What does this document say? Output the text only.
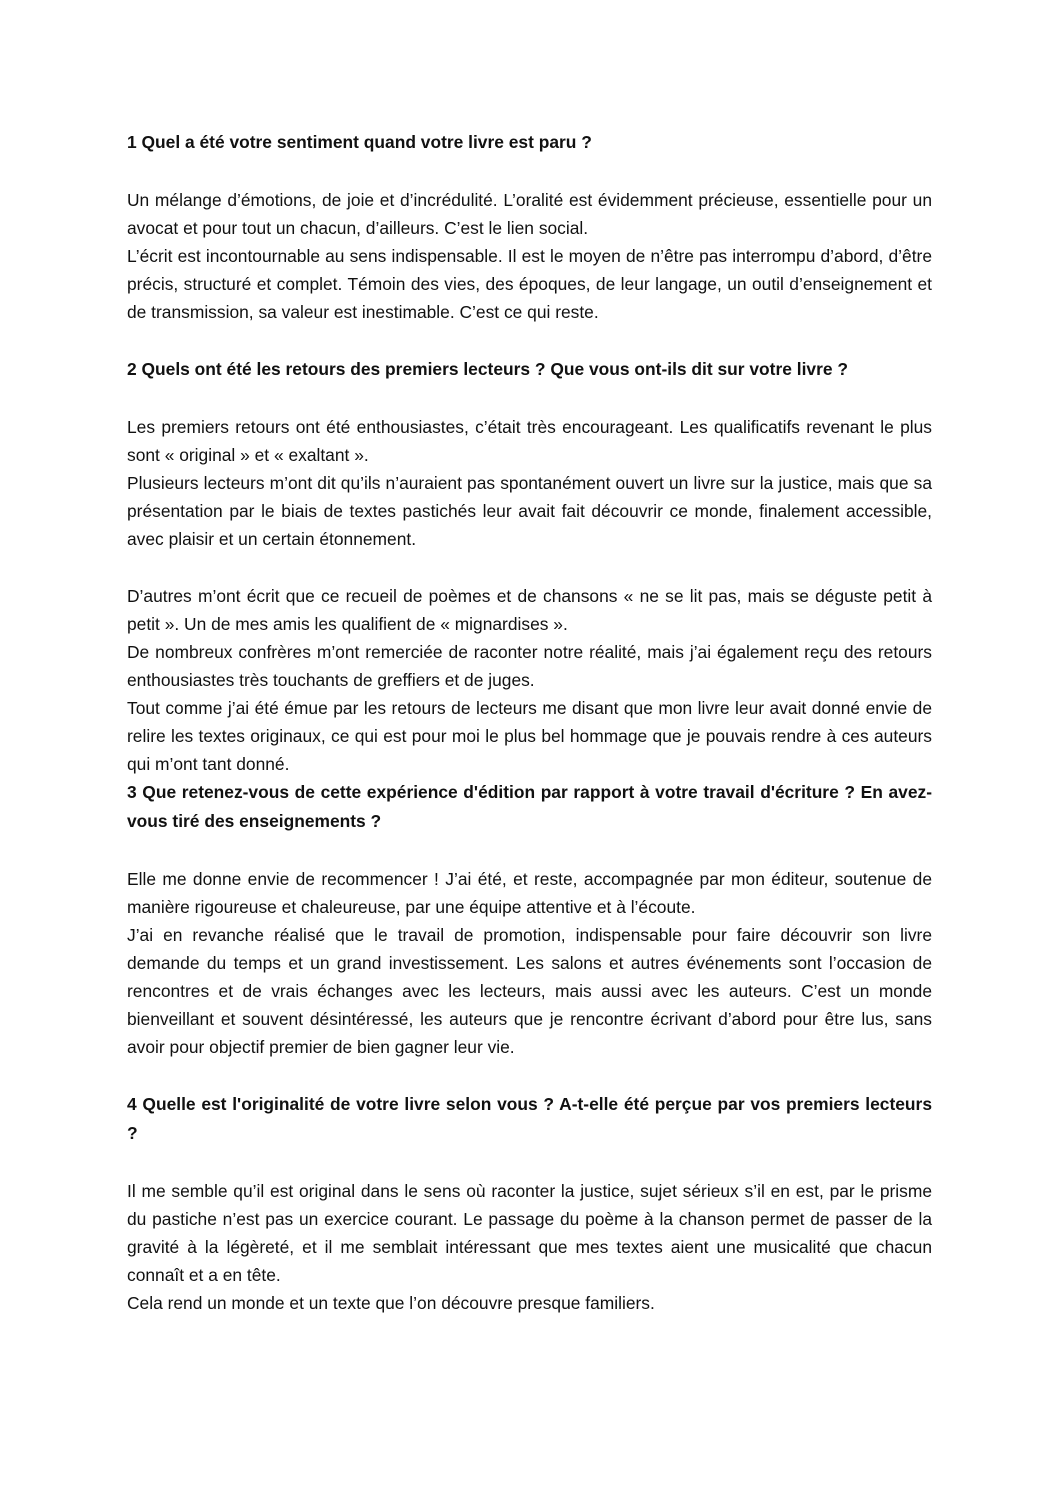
1 Quel a été votre sentiment quand votre livre est paru ?

Un mélange d’émotions, de joie et d’incrédulité. L’oralité est évidemment précieuse, essentielle pour un avocat et pour tout un chacun, d’ailleurs. C’est le lien social.

L’écrit est incontournable au sens indispensable. Il est le moyen de n’être pas interrompu d’abord, d’être précis, structuré et complet. Témoin des vies, des époques, de leur langage, un outil d’enseignement et de transmission, sa valeur est inestimable. C’est ce qui reste.

2 Quels ont été les retours des premiers lecteurs ? Que vous ont-ils dit sur votre livre ?

Les premiers retours ont été enthousiastes, c’était très encourageant. Les qualificatifs revenant le plus sont « original » et « exaltant ».

Plusieurs lecteurs m’ont dit qu’ils n’auraient pas spontanément ouvert un livre sur la justice, mais que sa présentation par le biais de textes pastichés leur avait fait découvrir ce monde, finalement accessible, avec plaisir et un certain étonnement.

D’autres m’ont écrit que ce recueil de poèmes et de chansons « ne se lit pas, mais se déguste petit à petit ». Un de mes amis les qualifient de « mignardises ».

De nombreux confrères m’ont remerciée de raconter notre réalité, mais j’ai également reçu des retours enthousiastes très touchants de greffiers et de juges.

Tout comme j’ai été émue par les retours de lecteurs me disant que mon livre leur avait donné envie de relire les textes originaux, ce qui est pour moi le plus bel hommage que je pouvais rendre à ces auteurs qui m’ont tant donné.

3 Que retenez-vous de cette expérience d'édition par rapport à votre travail d'écriture ? En avez-vous tiré des enseignements ?

Elle me donne envie de recommencer ! J’ai été, et reste, accompagnée par mon éditeur, soutenue de manière rigoureuse et chaleureuse, par une équipe attentive et à l’écoute.

J’ai en revanche réalisé que le travail de promotion, indispensable pour faire découvrir son livre demande du temps et un grand investissement. Les salons et autres événements sont l’occasion de rencontres et de vrais échanges avec les lecteurs, mais aussi avec les auteurs. C’est un monde bienveillant et souvent désintéressé, les auteurs que je rencontre écrivant d’abord pour être lus, sans avoir pour objectif premier de bien gagner leur vie.

4 Quelle est l'originalité de votre livre selon vous ? A-t-elle été perçue par vos premiers lecteurs ?

Il me semble qu’il est original dans le sens où raconter la justice, sujet sérieux s’il en est, par le prisme du pastiche n’est pas un exercice courant. Le passage du poème à la chanson permet de passer de la gravité à la légèreté, et il me semblait intéressant que mes textes aient une musicalité que chacun connaît et a en tête.

Cela rend un monde et un texte que l’on découvre presque familiers.
